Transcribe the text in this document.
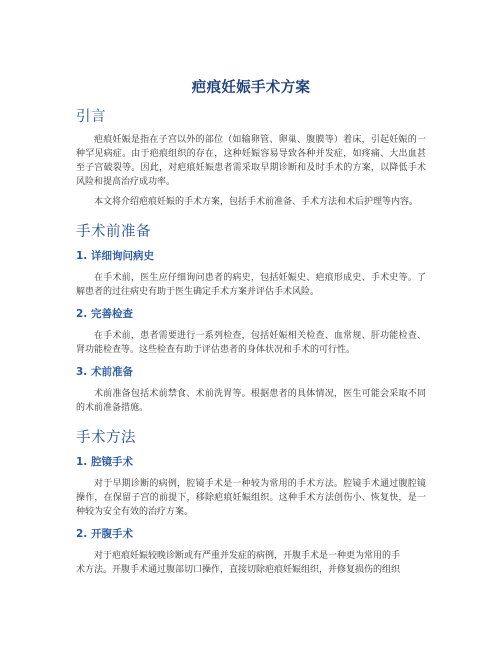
疤痕妊娠手术方案
引言

疤痕妊娠是指在子宫以外的部位（如输卵管、卵巢、腹膜等）着床，引起妊娠的一种罕见病症。由于疤痕组织的存在，这种妊娠容易导致各种并发症，如疼痛、大出血甚至子宫破裂等。因此，对疤痕妊娠患者需采取早期诊断和及时手术的方案，以降低手术风险和提高治疗成功率。

本文将介绍疤痕妊娠的手术方案，包括手术前准备、手术方法和术后护理等内容。

手术前准备
1. 详细询问病史

在手术前，医生应仔细询问患者的病史，包括妊娠史、疤痕形成史、手术史等。了解患者的过往病史有助于医生确定手术方案并评估手术风险。

2. 完善检查

在手术前，患者需要进行一系列检查，包括妊娠相关检查、血常规、肝功能检查、肾功能检查等。这些检查有助于评估患者的身体状况和手术的可行性。

3. 术前准备

术前准备包括术前禁食、术前洗胃等。根据患者的具体情况，医生可能会采取不同的术前准备措施。

手术方法
1. 腔镜手术

对于早期诊断的病例，腔镜手术是一种较为常用的手术方法。腔镜手术通过腹腔镜操作，在保留子宫的前提下，移除疤痕妊娠组织。这种手术方法创伤小、恢复快，是一种较为安全有效的治疗方案。

2. 开腹手术

对于疤痕妊娠较晚诊断或有严重并发症的病例，开腹手术是一种更为常用的手

术方法。开腹手术通过腹部切口操作，直接切除疤痕妊娠组织，并修复损伤的组织
